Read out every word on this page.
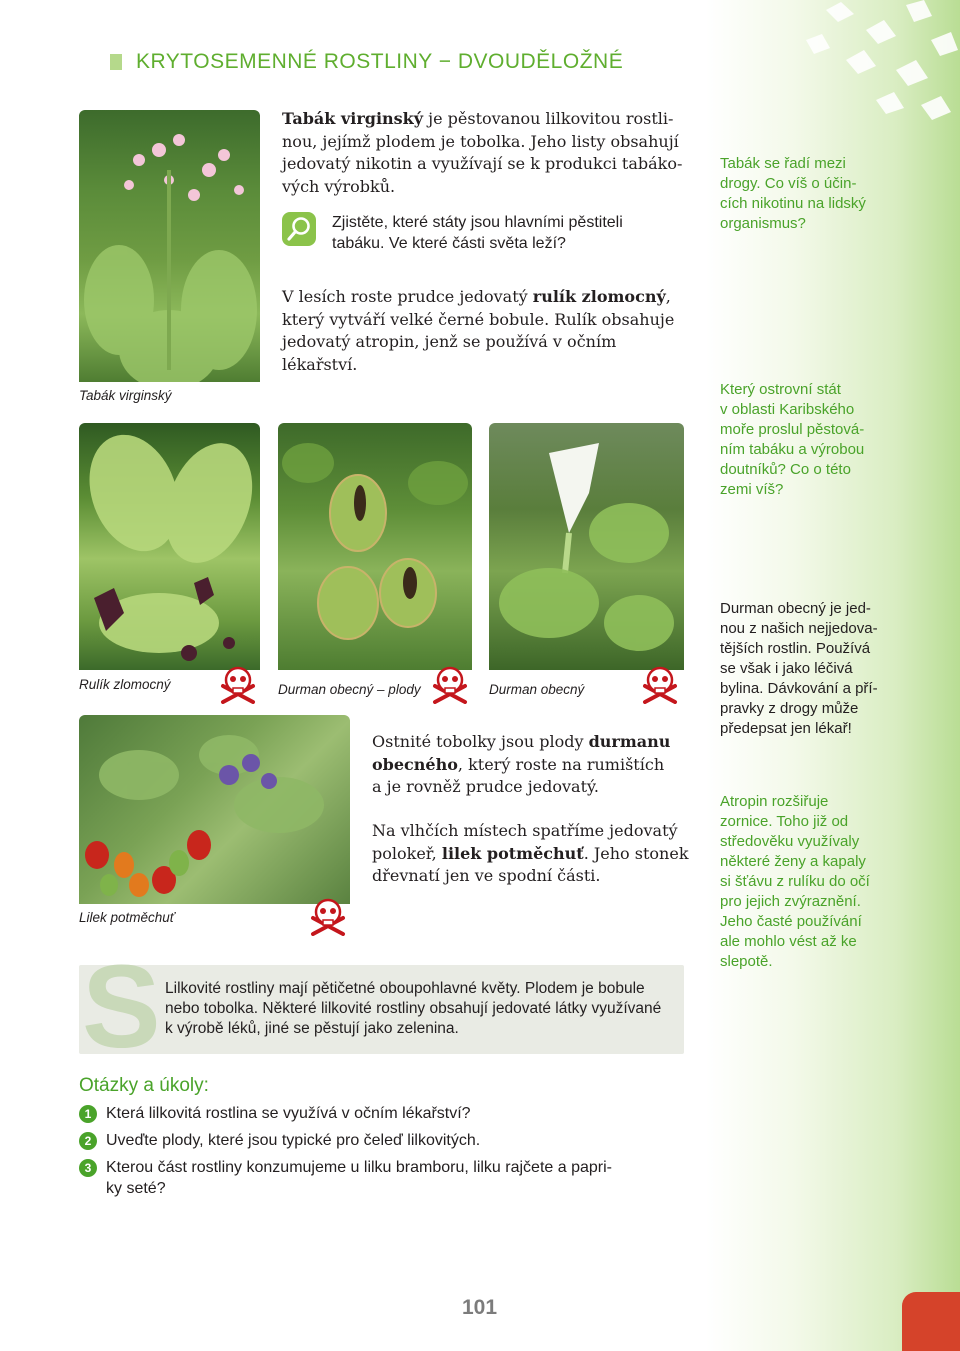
KRYTOSEMENNÉ ROSTLINY − DVOUDĚLOŽNÉ
Tabák virginský
Rulík zlomocný	Durman obecný – plody	Durman obecný
Lilek potměchuť
Tabák virginský je pěstovanou lilkovitou rostli-
nou, jejímž plodem je tobolka. Jeho listy obsahují
jedovatý nikotin a využívají se k produkci tabáko-
vých výrobků.
Zjistěte, které státy jsou hlavními pěstiteli
tabáku. Ve které části světa leží?
V lesích roste prudce jedovatý rulík zlomocný,
který vytváří velké černé bobule. Rulík obsahuje
jedovatý atropin, jenž se používá v očním
lékařství.
Ostnité tobolky jsou plody durmanu
obecného, který roste na rumištích
a je rovněž prudce jedovatý.
Na vlhčích místech spatříme jedovatý
polokeř, lilek potměchuť. Jeho stonek
dřevnatí jen ve spodní části.
Tabák se řadí mezi
drogy. Co víš o účin-
cích nikotinu na lidský
organismus?
Který ostrovní stát
v oblasti Karibského
moře proslul pěstová-
ním tabáku a výrobou
doutníků? Co o této
zemi víš?
Durman obecný je jed-
nou z našich nejjedova-
tějších rostlin. Používá
se však i jako léčivá
bylina. Dávkování a pří-
pravky z drogy může
předepsat jen lékař!
Atropin rozšiřuje
zornice. Toho již od
středověku využívaly
některé ženy a kapaly
si šťávu z rulíku do očí
pro jejich zvýraznění.
Jeho časté používání
ale mohlo vést až ke
slepotě.
S Lilkovité rostliny mají pětičetné oboupohlavné květy. Plodem je bobule
nebo tobolka. Některé lilkovité rostliny obsahují jedovaté látky využívané
k výrobě léků, jiné se pěstují jako zelenina.
Otázky a úkoly:
1 Která lilkovitá rostlina se využívá v očním lékařství?
2 Uveďte plody, které jsou typické pro čeleď lilkovitých.
3 Kterou část rostliny konzumujeme u lilku bramboru, lilku rajčete a papri-
ky seté?
101
